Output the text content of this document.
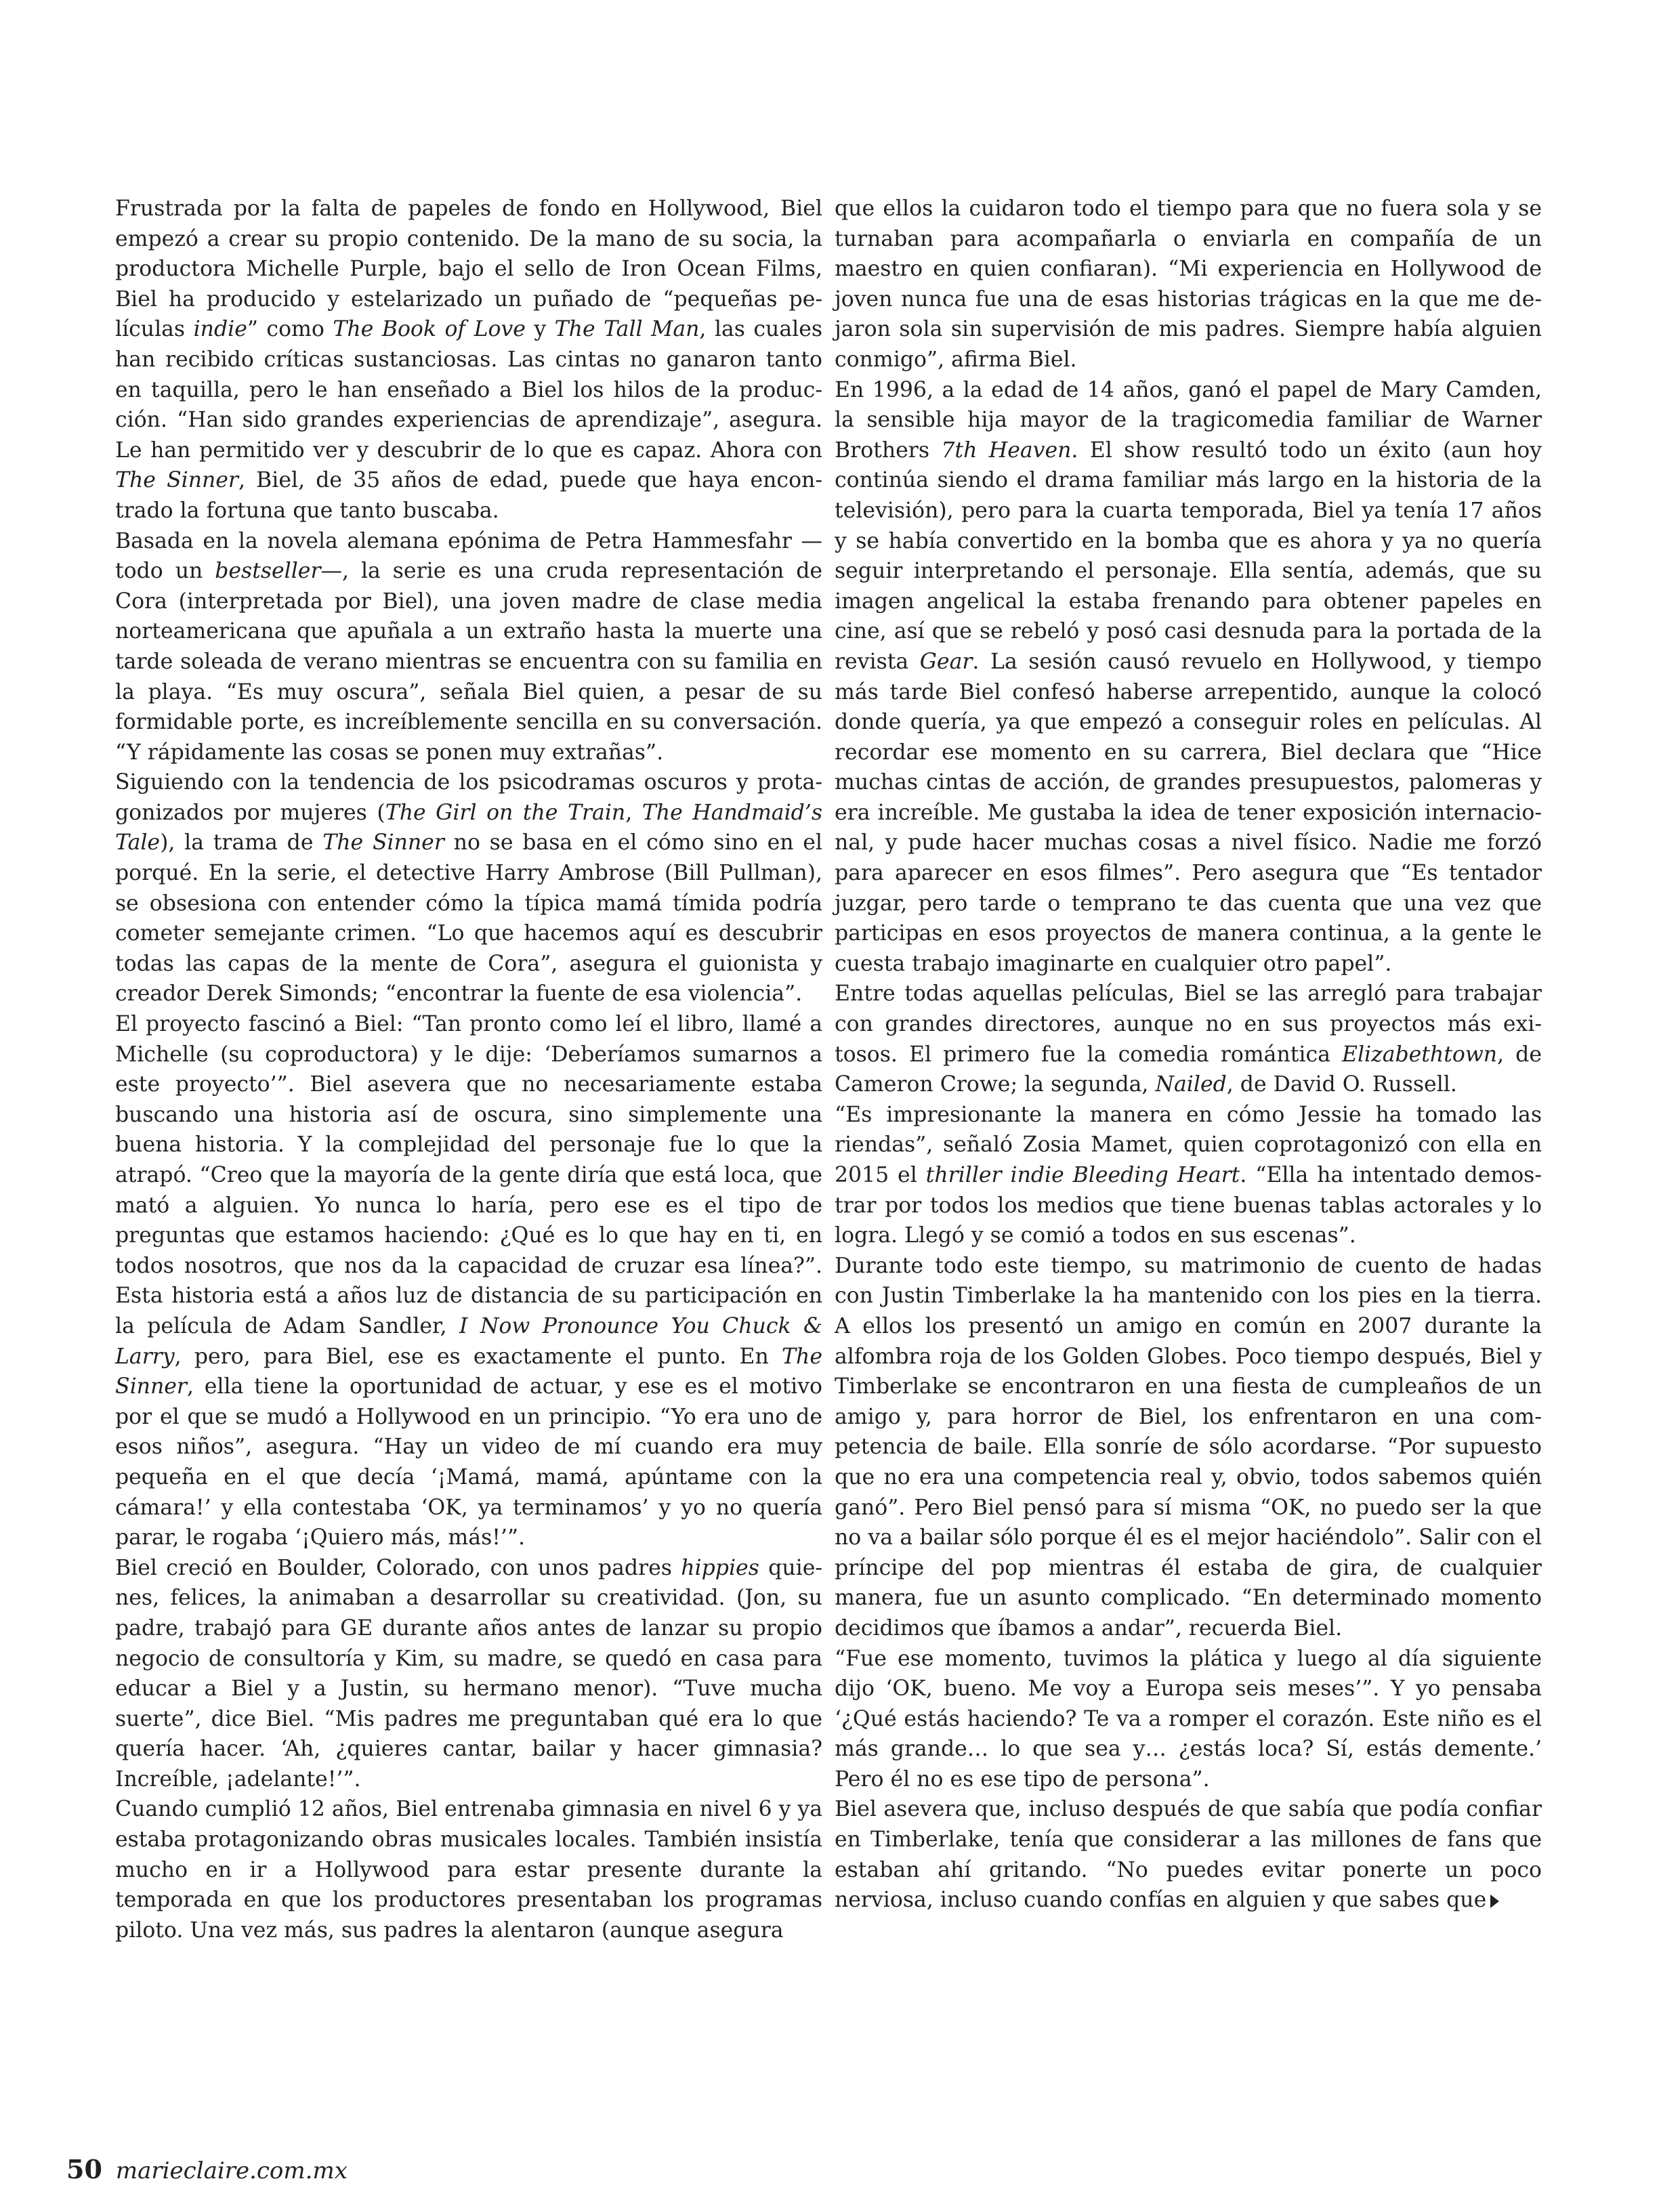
Frustrada por la falta de papeles de fondo en Hollywood, Biel empezó a crear su propio contenido. De la mano de su socia, la productora Michelle Purple, bajo el sello de Iron Ocean Films, Biel ha producido y estelarizado un puñado de “pequeñas películas indie” como The Book of Love y The Tall Man, las cuales han recibido críticas sustanciosas. Las cintas no ganaron tanto en taquilla, pero le han enseñado a Biel los hilos de la producción. “Han sido grandes experiencias de aprendizaje”, asegura. Le han permitido ver y descubrir de lo que es capaz. Ahora con The Sinner, Biel, de 35 años de edad, puede que haya encontrado la fortuna que tanto buscaba.

Basada en la novela alemana epónima de Petra Hammesfahr —todo un bestseller—, la serie es una cruda representación de Cora (interpretada por Biel), una joven madre de clase media norteamericana que apuñala a un extraño hasta la muerte una tarde soleada de verano mientras se encuentra con su familia en la playa. “Es muy oscura”, señala Biel quien, a pesar de su formidable porte, es increíblemente sencilla en su conversación. “Y rápidamente las cosas se ponen muy extrañas”.

Siguiendo con la tendencia de los psicodramas oscuros y protagonizados por mujeres (The Girl on the Train, The Handmaid’s Tale), la trama de The Sinner no se basa en el cómo sino en el porqué. En la serie, el detective Harry Ambrose (Bill Pullman), se obsesiona con entender cómo la típica mamá tímida podría cometer semejante crimen. “Lo que hacemos aquí es descubrir todas las capas de la mente de Cora”, asegura el guionista y creador Derek Simonds; “encontrar la fuente de esa violencia”.

El proyecto fascinó a Biel: “Tan pronto como leí el libro, llamé a Michelle (su coproductora) y le dije: ‘Deberíamos sumarnos a este proyecto’”. Biel asevera que no necesariamente estaba buscando una historia así de oscura, sino simplemente una buena historia. Y la complejidad del personaje fue lo que la atrapó. “Creo que la mayoría de la gente diría que está loca, que mató a alguien. Yo nunca lo haría, pero ese es el tipo de preguntas que estamos haciendo: ¿Qué es lo que hay en ti, en todos nosotros, que nos da la capacidad de cruzar esa línea?”. Esta historia está a años luz de distancia de su participación en la película de Adam Sandler, I Now Pronounce You Chuck & Larry, pero, para Biel, ese es exactamente el punto. En The Sinner, ella tiene la oportunidad de actuar, y ese es el motivo por el que se mudó a Hollywood en un principio. “Yo era uno de esos niños”, asegura. “Hay un video de mí cuando era muy pequeña en el que decía ‘¡Mamá, mamá, apúntame con la cámara!’ y ella contestaba ‘OK, ya terminamos’ y yo no quería parar, le rogaba ‘¡Quiero más, más!’”.

Biel creció en Boulder, Colorado, con unos padres hippies quienes, felices, la animaban a desarrollar su creatividad. (Jon, su padre, trabajó para GE durante años antes de lanzar su propio negocio de consultoría y Kim, su madre, se quedó en casa para educar a Biel y a Justin, su hermano menor). “Tuve mucha suerte”, dice Biel. “Mis padres me preguntaban qué era lo que quería hacer. ‘Ah, ¿quieres cantar, bailar y hacer gimnasia? Increíble, ¡adelante!’”.

Cuando cumplió 12 años, Biel entrenaba gimnasia en nivel 6 y ya estaba protagonizando obras musicales locales. También insistía mucho en ir a Hollywood para estar presente durante la temporada en que los productores presentaban los programas piloto. Una vez más, sus padres la alentaron (aunque asegura

que ellos la cuidaron todo el tiempo para que no fuera sola y se turnaban para acompañarla o enviarla en compañía de un maestro en quien confiaran). “Mi experiencia en Hollywood de joven nunca fue una de esas historias trágicas en la que me dejaron sola sin supervisión de mis padres. Siempre había alguien conmigo”, afirma Biel.

En 1996, a la edad de 14 años, ganó el papel de Mary Camden, la sensible hija mayor de la tragicomedia familiar de Warner Brothers 7th Heaven. El show resultó todo un éxito (aun hoy continúa siendo el drama familiar más largo en la historia de la televisión), pero para la cuarta temporada, Biel ya tenía 17 años y se había convertido en la bomba que es ahora y ya no quería seguir interpretando el personaje. Ella sentía, además, que su imagen angelical la estaba frenando para obtener papeles en cine, así que se rebeló y posó casi desnuda para la portada de la revista Gear. La sesión causó revuelo en Hollywood, y tiempo más tarde Biel confesó haberse arrepentido, aunque la colocó donde quería, ya que empezó a conseguir roles en películas. Al recordar ese momento en su carrera, Biel declara que “Hice muchas cintas de acción, de grandes presupuestos, palomeras y era increíble. Me gustaba la idea de tener exposición internacional, y pude hacer muchas cosas a nivel físico. Nadie me forzó para aparecer en esos filmes”. Pero asegura que “Es tentador juzgar, pero tarde o temprano te das cuenta que una vez que participas en esos proyectos de manera continua, a la gente le cuesta trabajo imaginarte en cualquier otro papel”.

Entre todas aquellas películas, Biel se las arregló para trabajar con grandes directores, aunque no en sus proyectos más exitosos. El primero fue la comedia romántica Elizabethtown, de Cameron Crowe; la segunda, Nailed, de David O. Russell.

“Es impresionante la manera en cómo Jessie ha tomado las riendas”, señaló Zosia Mamet, quien coprotagonizó con ella en 2015 el thriller indie Bleeding Heart. “Ella ha intentado demostrar por todos los medios que tiene buenas tablas actorales y lo logra. Llegó y se comió a todos en sus escenas”.

Durante todo este tiempo, su matrimonio de cuento de hadas con Justin Timberlake la ha mantenido con los pies en la tierra. A ellos los presentó un amigo en común en 2007 durante la alfombra roja de los Golden Globes. Poco tiempo después, Biel y Timberlake se encontraron en una fiesta de cumpleaños de un amigo y, para horror de Biel, los enfrentaron en una competencia de baile. Ella sonríe de sólo acordarse. “Por supuesto que no era una competencia real y, obvio, todos sabemos quién ganó”. Pero Biel pensó para sí misma “OK, no puedo ser la que no va a bailar sólo porque él es el mejor haciéndolo”. Salir con el príncipe del pop mientras él estaba de gira, de cualquier manera, fue un asunto complicado. “En determinado momento decidimos que íbamos a andar”, recuerda Biel.

“Fue ese momento, tuvimos la plática y luego al día siguiente dijo ‘OK, bueno. Me voy a Europa seis meses’”. Y yo pensaba ‘¿Qué estás haciendo? Te va a romper el corazón. Este niño es el más grande… lo que sea y… ¿estás loca? Sí, estás demente.’ Pero él no es ese tipo de persona”.

Biel asevera que, incluso después de que sabía que podía confiar en Timberlake, tenía que considerar a las millones de fans que estaban ahí gritando. “No puedes evitar ponerte un poco nerviosa, incluso cuando confías en alguien y que sabes que

50 marieclaire.com.mx
